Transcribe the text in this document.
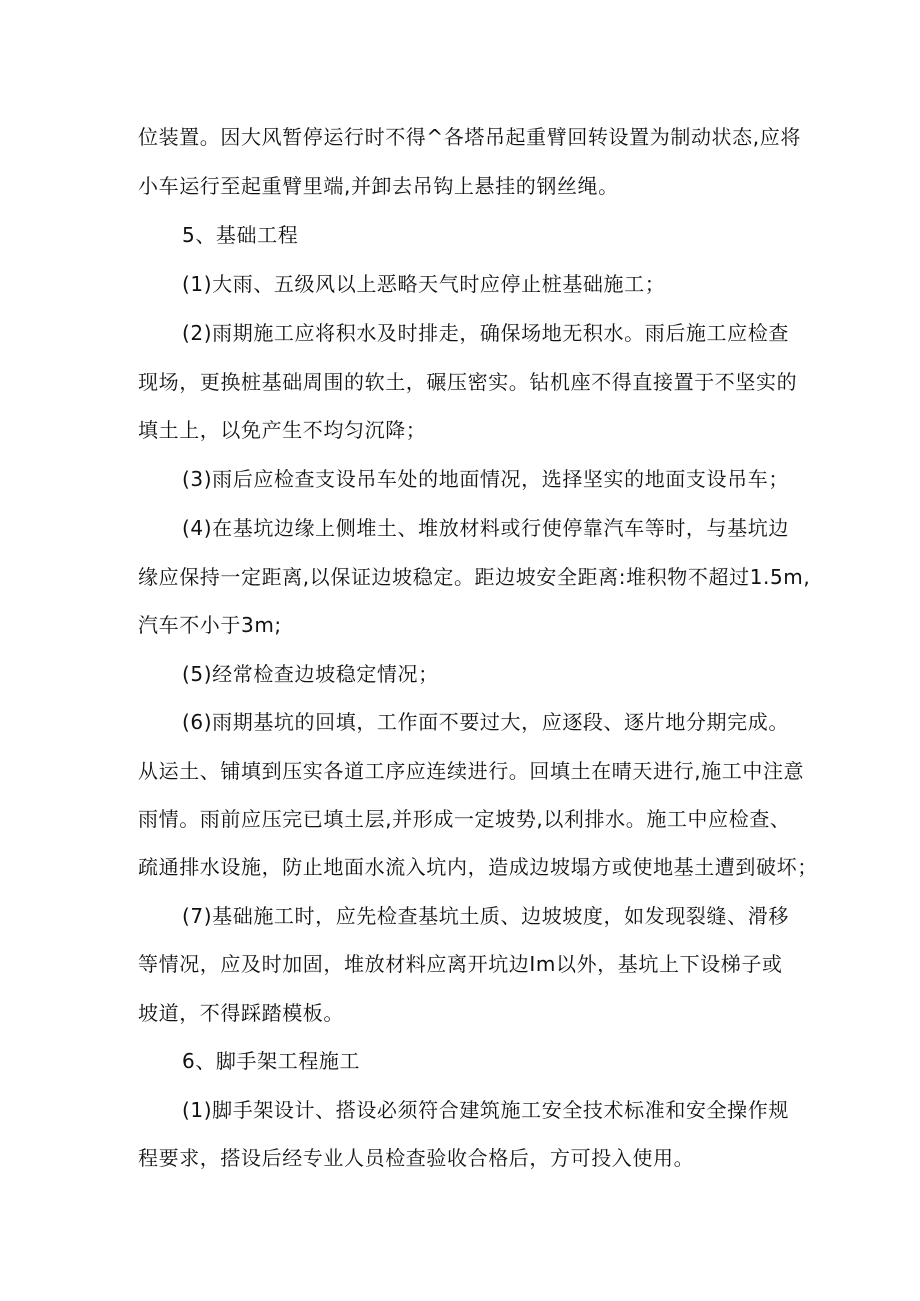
位装置。因大风暂停运行时不得^各塔吊起重臂回转设置为制动状态,应将
小车运行至起重臂里端,并卸去吊钩上悬挂的钢丝绳。
5、基础工程
(1)大雨、五级风以上恶略天气时应停止桩基础施工；
(2)雨期施工应将积水及时排走，确保场地无积水。雨后施工应检查
现场，更换桩基础周围的软土，碾压密实。钻机座不得直接置于不坚实的
填土上，以免产生不均匀沉降；
(3)雨后应检查支设吊车处的地面情况，选择坚实的地面支设吊车；
(4)在基坑边缘上侧堆土、堆放材料或行使停靠汽车等时，与基坑边
缘应保持一定距离,以保证边坡稳定。距边坡安全距离:堆积物不超过1.5m,
汽车不小于3m;
(5)经常检查边坡稳定情况；
(6)雨期基坑的回填，工作面不要过大，应逐段、逐片地分期完成。
从运土、铺填到压实各道工序应连续进行。回填土在晴天进行,施工中注意
雨情。雨前应压完已填土层,并形成一定坡势,以利排水。施工中应检查、
疏通排水设施，防止地面水流入坑内，造成边坡塌方或使地基土遭到破坏；
(7)基础施工时，应先检查基坑土质、边坡坡度，如发现裂缝、滑移
等情况，应及时加固，堆放材料应离开坑边Im以外，基坑上下设梯子或
坡道，不得踩踏模板。
6、脚手架工程施工
(1)脚手架设计、搭设必须符合建筑施工安全技术标准和安全操作规
程要求，搭设后经专业人员检查验收合格后，方可投入使用。
